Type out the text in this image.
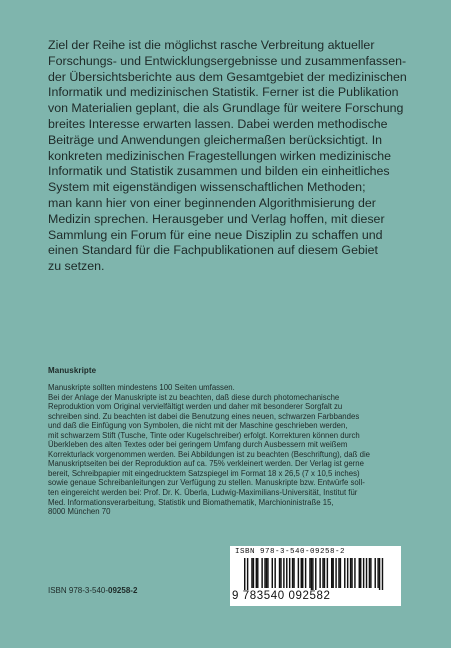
Ziel der Reihe ist die möglichst rasche Verbreitung aktueller

Forschungs- und Entwicklungsergebnisse und zusammenfassen-

der Übersichtsberichte aus dem Gesamtgebiet der medizinischen

Informatik und medizinischen Statistik. Ferner ist die Publikation

von Materialien geplant, die als Grundlage für weitere Forschung

breites Interesse erwarten lassen. Dabei werden methodische

Beiträge und Anwendungen gleichermaßen berücksichtigt. In

konkreten medizinischen Fragestellungen wirken medizinische

Informatik und Statistik zusammen und bilden ein einheitliches

System mit eigenständigen wissenschaftlichen Methoden;

man kann hier von einer beginnenden Algorithmisierung der

Medizin sprechen. Herausgeber und Verlag hoffen, mit dieser

Sammlung ein Forum für eine neue Disziplin zu schaffen und

einen Standard für die Fachpublikationen auf diesem Gebiet

zu setzen.

Manuskripte

Manuskripte sollten mindestens 100 Seiten umfassen.

Bei der Anlage der Manuskripte ist zu beachten, daß diese durch photomechanische

Reproduktion vom Original vervielfältigt werden und daher mit besonderer Sorgfalt zu

schreiben sind. Zu beachten ist dabei die Benutzung eines neuen, schwarzen Farbbandes

und daß die Einfügung von Symbolen, die nicht mit der Maschine geschrieben werden,

mit schwarzem Stift (Tusche, Tinte oder Kugelschreiber) erfolgt. Korrekturen können durch

Überkleben des alten Textes oder bei geringem Umfang durch Ausbessern mit weißem

Korrekturlack vorgenommen werden. Bei Abbildungen ist zu beachten (Beschriftung), daß die

Manuskriptseiten bei der Reproduktion auf ca. 75% verkleinert werden. Der Verlag ist gerne

bereit, Schreibpapier mit eingedrucktem Satzspiegel im Format 18 x 26,5 (7 x 10,5 inches)

sowie genaue Schreibanleitungen zur Verfügung zu stellen. Manuskripte bzw. Entwürfe soll-

ten eingereicht werden bei: Prof. Dr. K. Überla, Ludwig-Maximilians-Universität, Institut für

Med. Informationsverarbeitung, Statistik und Biomathematik, Marchioninistraße 15,

8000 München 70

ISBN 978-3-540-09258-2
ISBN 978-3-540-09258-2
9 783540 092582
